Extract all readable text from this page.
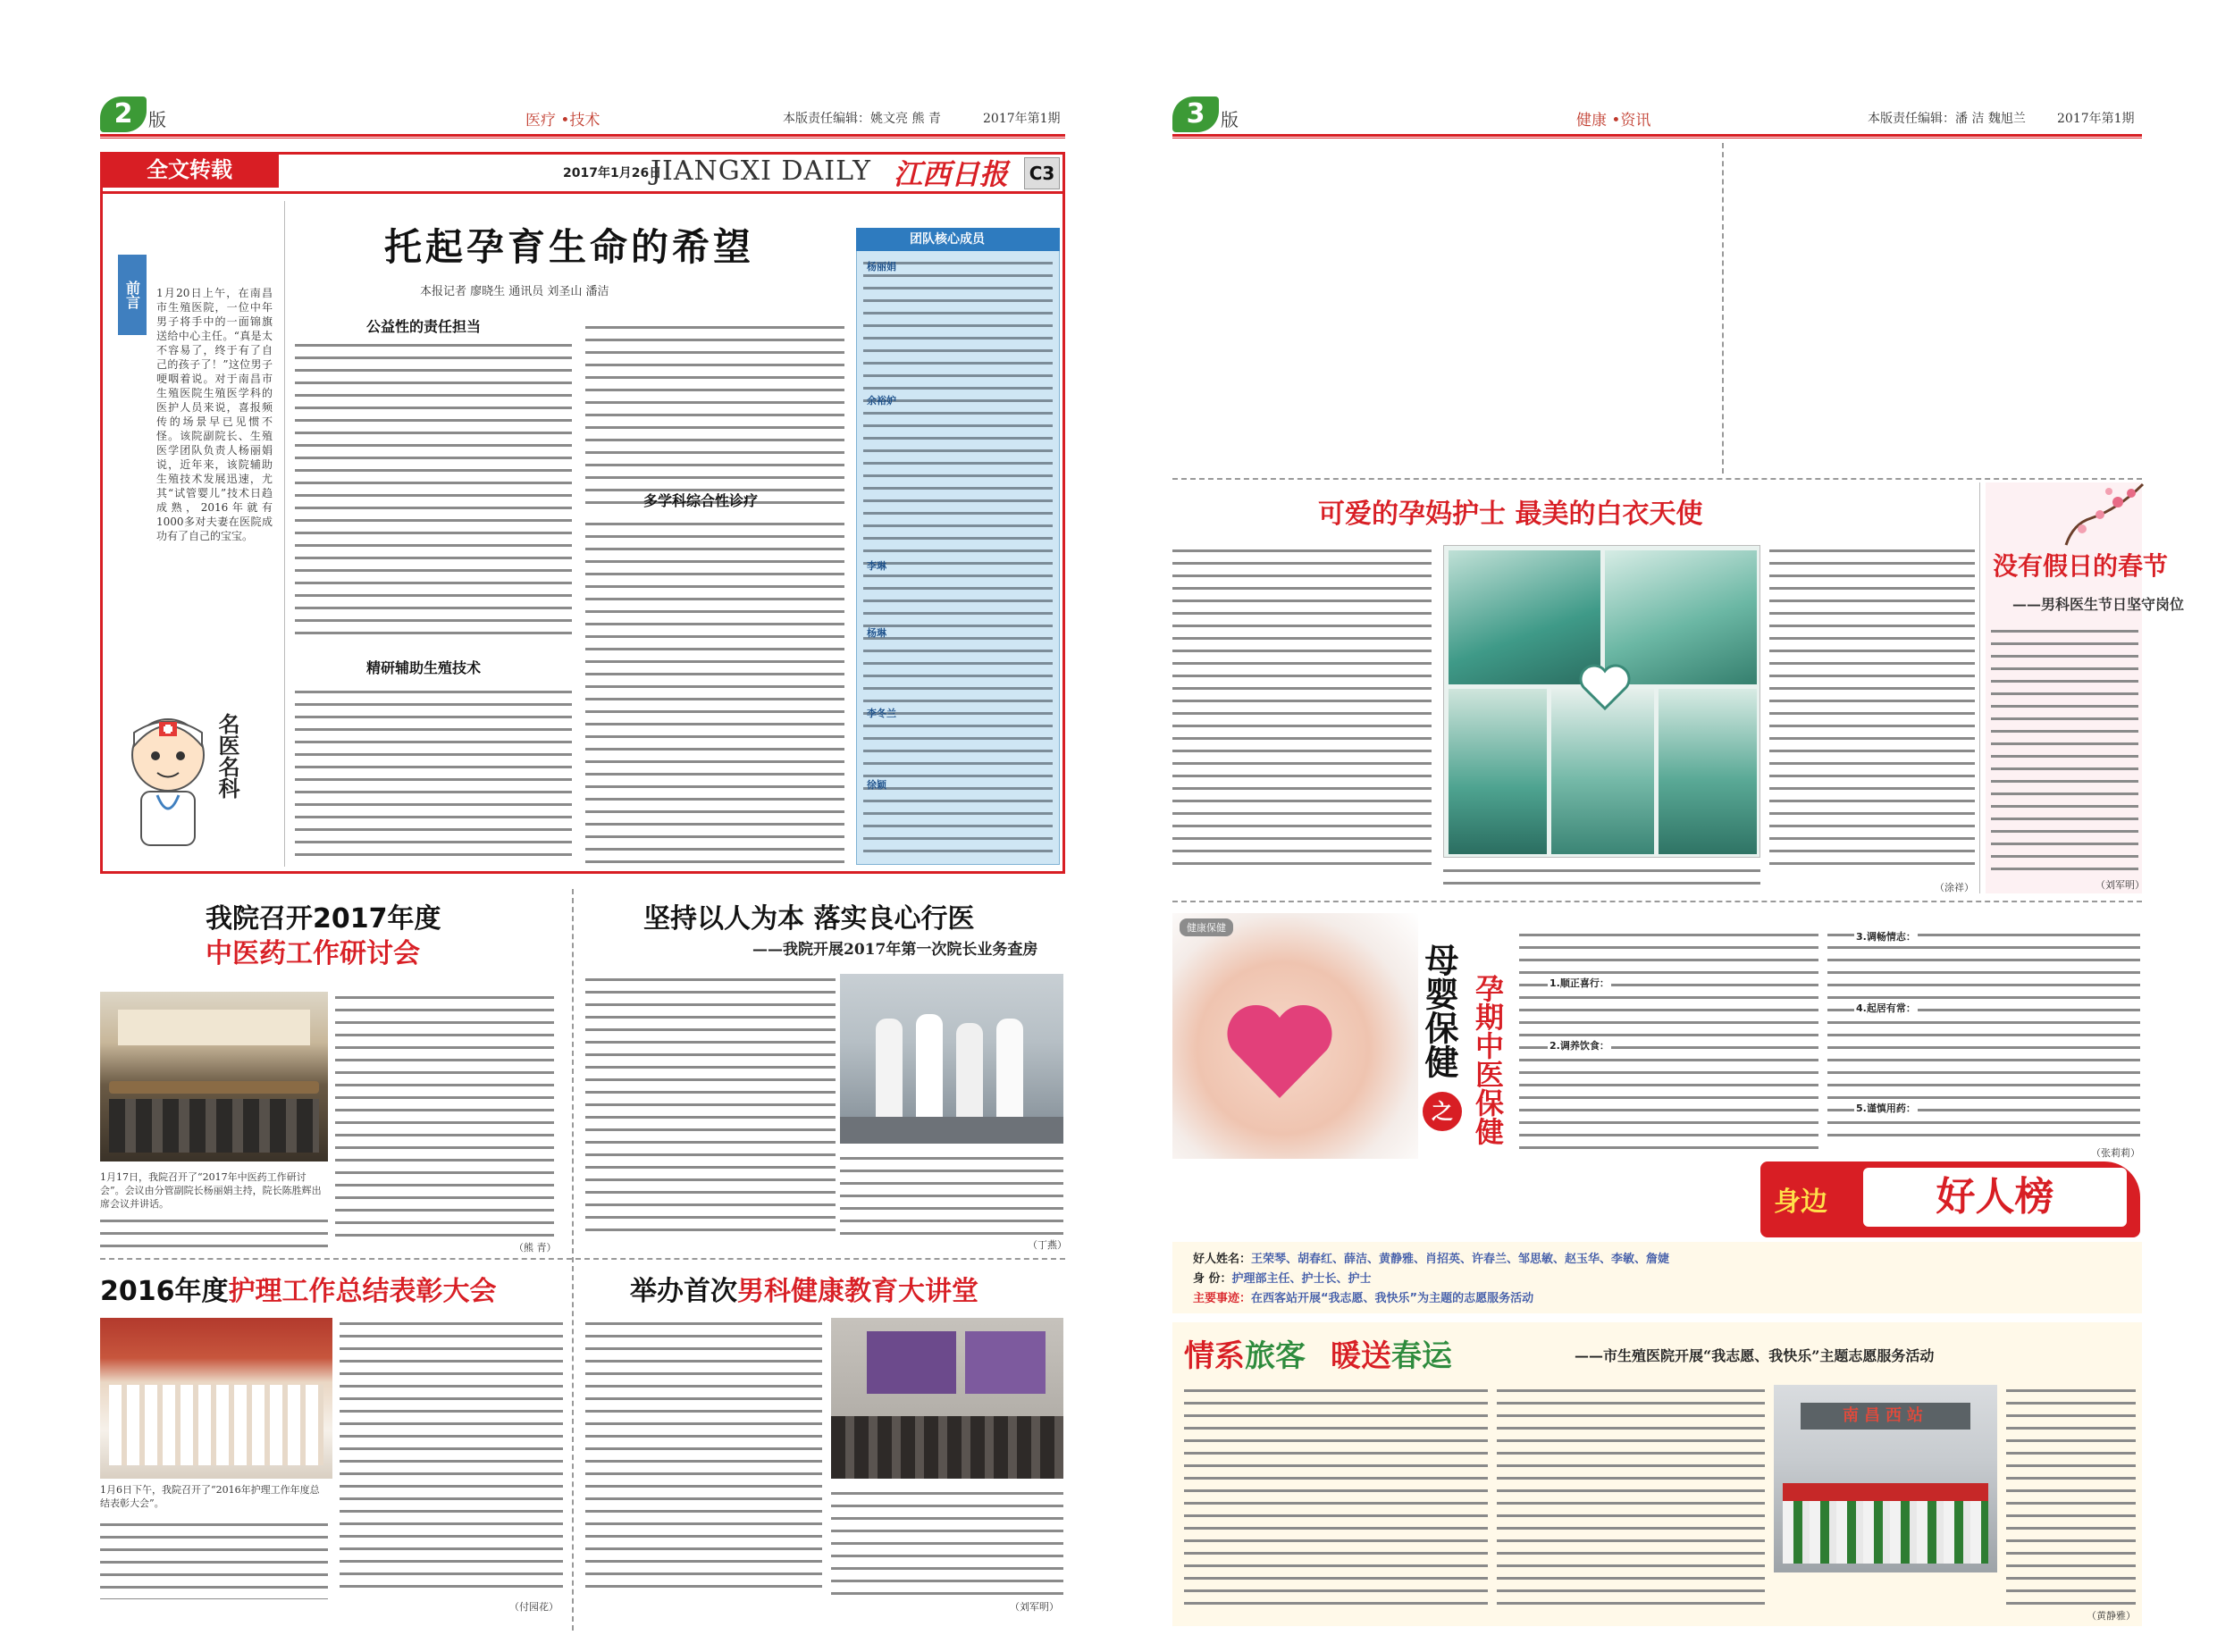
2 版	医疗 •技术	本版责任编辑：姚文亮 熊 青	2017年第1期
全文转载	2017年1月26日
JIANGXI DAILY 江西日报 C3
前言	1月20日上午，在南昌市生殖医院，一位中年男子将手中的一面锦旗送给中心主任。“真是太不容易了，终于有了自己的孩子了！”这位男子哽咽着说。对于南昌市生殖医院生殖医学科的医护人员来说，喜报频传的场景早已见惯不怪。该院副院长、生殖医学团队负责人杨丽娟说，近年来，该院辅助生殖技术发展迅速，尤其“试管婴儿”技术日趋成熟，2016年就有1000多对夫妻在医院成功有了自己的宝宝。
名医名科
托起孕育生命的希望
本报记者 廖晓生 通讯员 刘圣山 潘洁
公益性的责任担当
精研辅助生殖技术
多学科综合性诊疗
团队核心成员
杨丽娟
余裕妒
李琳
杨琳
李冬兰
徐颖
我院召开2017年度
中医药工作研讨会
1月17日，我院召开了“2017年中医药工作研讨会”。会议由分管副院长杨丽娟主持，院长陈胜辉出席会议并讲话。
（熊 青）
坚持以人为本 落实良心行医
——我院开展2017年第一次院长业务查房
（丁燕）
2016年度护理工作总结表彰大会
1月6日下午，我院召开了“2016年护理工作年度总结表彰大会”。
（付园花）
举办首次男科健康教育大讲堂
（刘军明）
3 版	健康 •资讯	本版责任编辑：潘 洁 魏旭兰	2017年第1期
可爱的孕妈护士 最美的白衣天使
（涂祥）
没有假日的春节
——男科医生节日坚守岗位
（刘军明）
健康保健
母婴保健
之 孕期中医保健	1.顺正喜行：
2.调养饮食：
3.调畅情志：
4.起居有常：
5.谨慎用药：
（张莉莉）
身边	好人榜
好人姓名：王荣琴、胡春红、薛洁、黄静雅、肖招英、许春兰、邹思敏、赵玉华、李敏、詹婕
身 份：护理部主任、护士长、护士
主要事迹：在西客站开展“我志愿、我快乐”为主题的志愿服务活动
情系旅客 暖送春运	——市生殖医院开展“我志愿、我快乐”主题志愿服务活动
南昌西站
（黄静雅）
